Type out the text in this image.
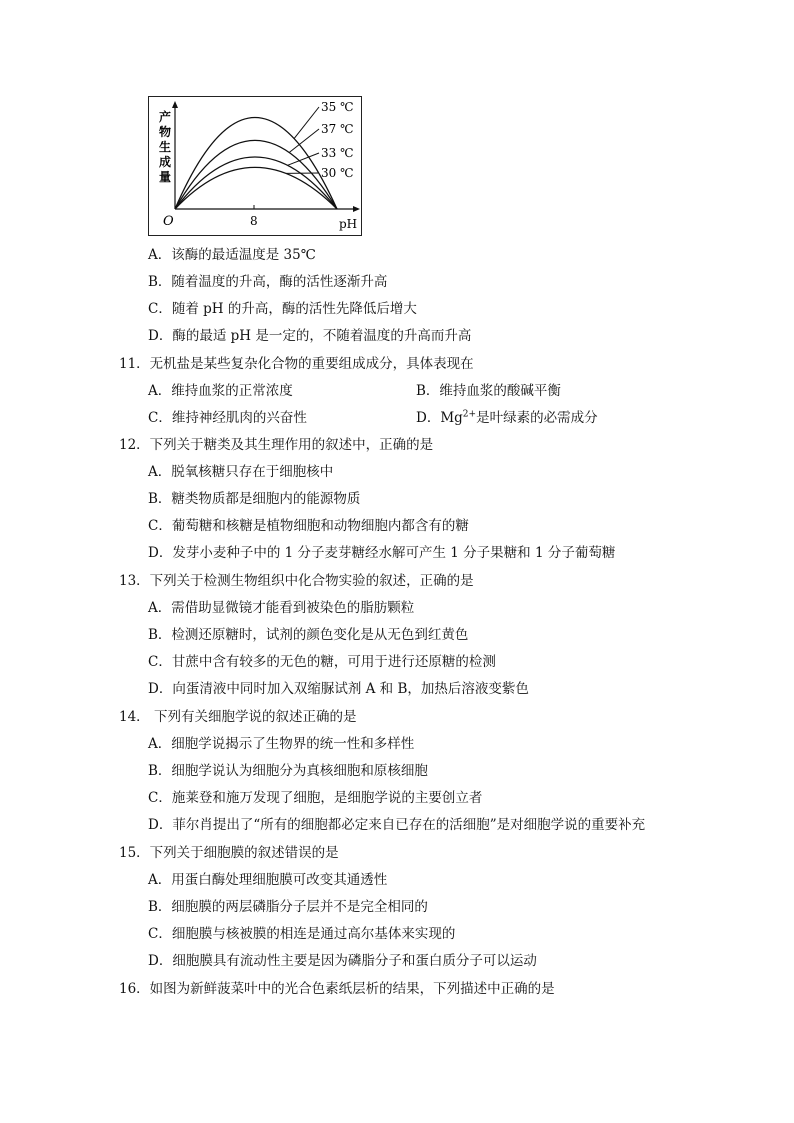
产
物
生
成
量
O	8	pH
35 ℃
37 ℃
33 ℃
30 ℃
A．该酶的最适温度是 35℃
B．随着温度的升高，酶的活性逐渐升高
C．随着 pH 的升高，酶的活性先降低后增大
D．酶的最适 pH 是一定的，不随着温度的升高而升高
11．无机盐是某些复杂化合物的重要组成成分，具体表现在
A．维持血浆的正常浓度	B．维持血浆的酸碱平衡
C．维持神经肌肉的兴奋性	D．$Mg^{2+}$是叶绿素的必需成分
12．下列关于糖类及其生理作用的叙述中，正确的是
A．脱氧核糖只存在于细胞核中
B．糖类物质都是细胞内的能源物质
C．葡萄糖和核糖是植物细胞和动物细胞内都含有的糖
D．发芽小麦种子中的 1 分子麦芽糖经水解可产生 1 分子果糖和 1 分子葡萄糖
13．下列关于检测生物组织中化合物实验的叙述，正确的是
A．需借助显微镜才能看到被染色的脂肪颗粒
B．检测还原糖时，试剂的颜色变化是从无色到红黄色
C．甘蔗中含有较多的无色的糖，可用于进行还原糖的检测
D．向蛋清液中同时加入双缩脲试剂 A 和 B，加热后溶液变紫色
14． 下列有关细胞学说的叙述正确的是
A．细胞学说揭示了生物界的统一性和多样性
B．细胞学说认为细胞分为真核细胞和原核细胞
C．施莱登和施万发现了细胞，是细胞学说的主要创立者
D．菲尔肖提出了“所有的细胞都必定来自已存在的活细胞”是对细胞学说的重要补充
15．下列关于细胞膜的叙述错误的是
A．用蛋白酶处理细胞膜可改变其通透性
B．细胞膜的两层磷脂分子层并不是完全相同的
C．细胞膜与核被膜的相连是通过高尔基体来实现的
D．细胞膜具有流动性主要是因为磷脂分子和蛋白质分子可以运动
16．如图为新鲜菠菜叶中的光合色素纸层析的结果，下列描述中正确的是
